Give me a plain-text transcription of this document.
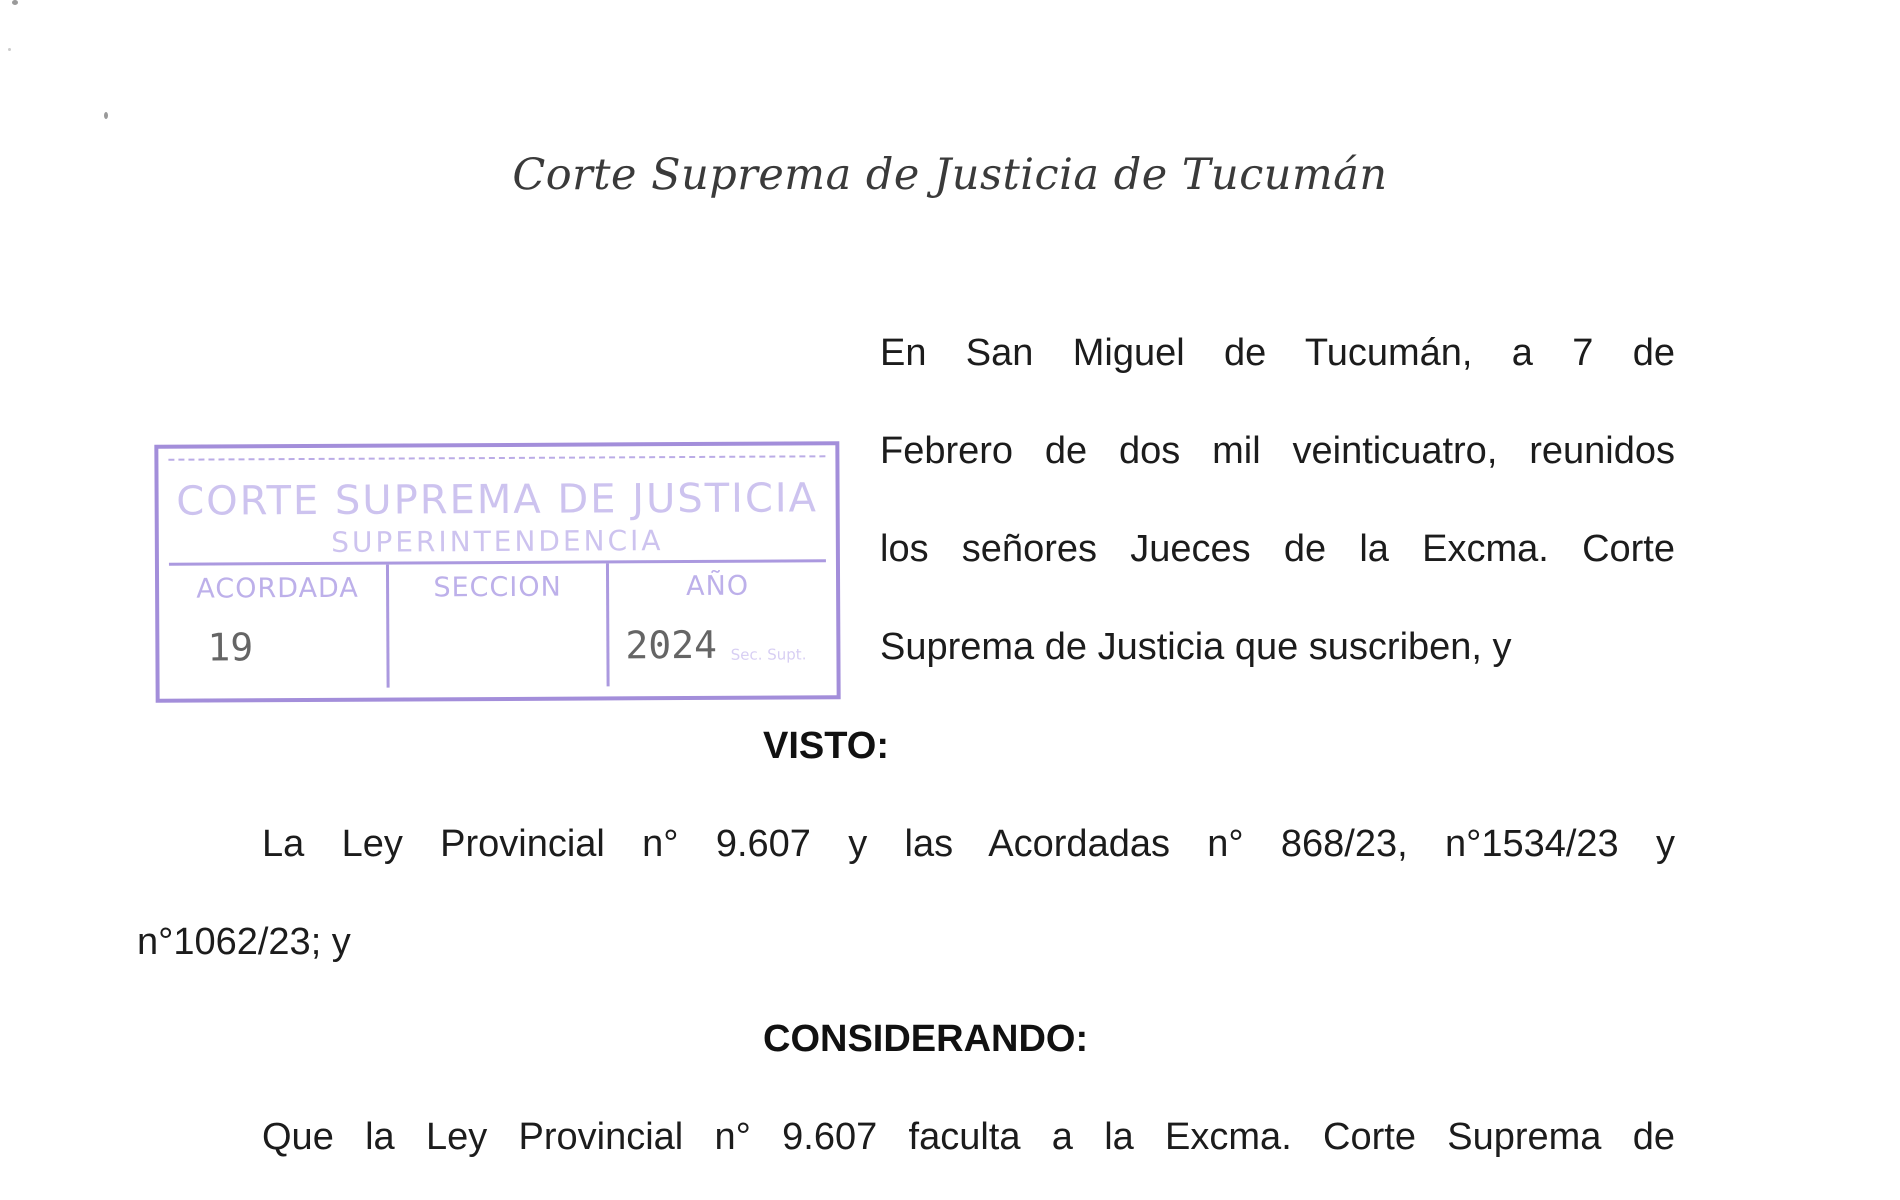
Corte Suprema de Justicia de Tucumán
En San Miguel de Tucumán, a 7 de
Febrero de dos mil veinticuatro, reunidos
los señores Jueces de la Excma. Corte
Suprema de Justicia que suscriben, y
CORTE SUPREMA DE JUSTICIA
SUPERINTENDENCIA
ACORDADA
19
SECCION	AÑO
2024 Sec. Supt.
VISTO:
La Ley Provincial n° 9.607 y las Acordadas n° 868/23, n°1534/23 y
n°1062/23; y
CONSIDERANDO:
Que la Ley Provincial n° 9.607 faculta a la Excma. Corte Suprema de
